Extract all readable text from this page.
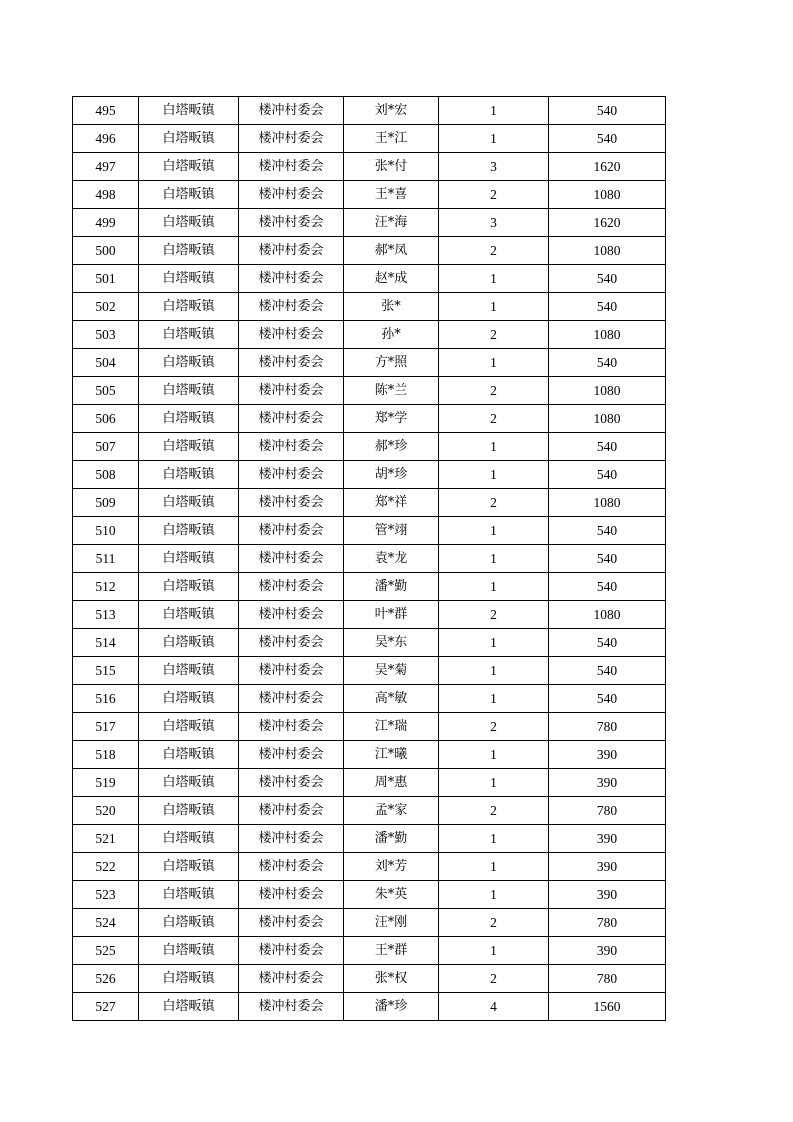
495	白塔畈镇	楼冲村委会	刘*宏	1	540
496	白塔畈镇	楼冲村委会	王*江	1	540
497	白塔畈镇	楼冲村委会	张*付	3	1620
498	白塔畈镇	楼冲村委会	王*喜	2	1080
499	白塔畈镇	楼冲村委会	汪*海	3	1620
500	白塔畈镇	楼冲村委会	郝*凤	2	1080
501	白塔畈镇	楼冲村委会	赵*成	1	540
502	白塔畈镇	楼冲村委会	张*	1	540
503	白塔畈镇	楼冲村委会	孙*	2	1080
504	白塔畈镇	楼冲村委会	方*照	1	540
505	白塔畈镇	楼冲村委会	陈*兰	2	1080
506	白塔畈镇	楼冲村委会	郑*学	2	1080
507	白塔畈镇	楼冲村委会	郝*珍	1	540
508	白塔畈镇	楼冲村委会	胡*珍	1	540
509	白塔畈镇	楼冲村委会	郑*祥	2	1080
510	白塔畈镇	楼冲村委会	管*翊	1	540
511	白塔畈镇	楼冲村委会	袁*龙	1	540
512	白塔畈镇	楼冲村委会	潘*勤	1	540
513	白塔畈镇	楼冲村委会	叶*群	2	1080
514	白塔畈镇	楼冲村委会	吴*东	1	540
515	白塔畈镇	楼冲村委会	吴*菊	1	540
516	白塔畈镇	楼冲村委会	高*敏	1	540
517	白塔畈镇	楼冲村委会	江*瑞	2	780
518	白塔畈镇	楼冲村委会	江*曦	1	390
519	白塔畈镇	楼冲村委会	周*惠	1	390
520	白塔畈镇	楼冲村委会	孟*家	2	780
521	白塔畈镇	楼冲村委会	潘*勤	1	390
522	白塔畈镇	楼冲村委会	刘*芳	1	390
523	白塔畈镇	楼冲村委会	朱*英	1	390
524	白塔畈镇	楼冲村委会	汪*刚	2	780
525	白塔畈镇	楼冲村委会	王*群	1	390
526	白塔畈镇	楼冲村委会	张*权	2	780
527	白塔畈镇	楼冲村委会	潘*珍	4	1560
